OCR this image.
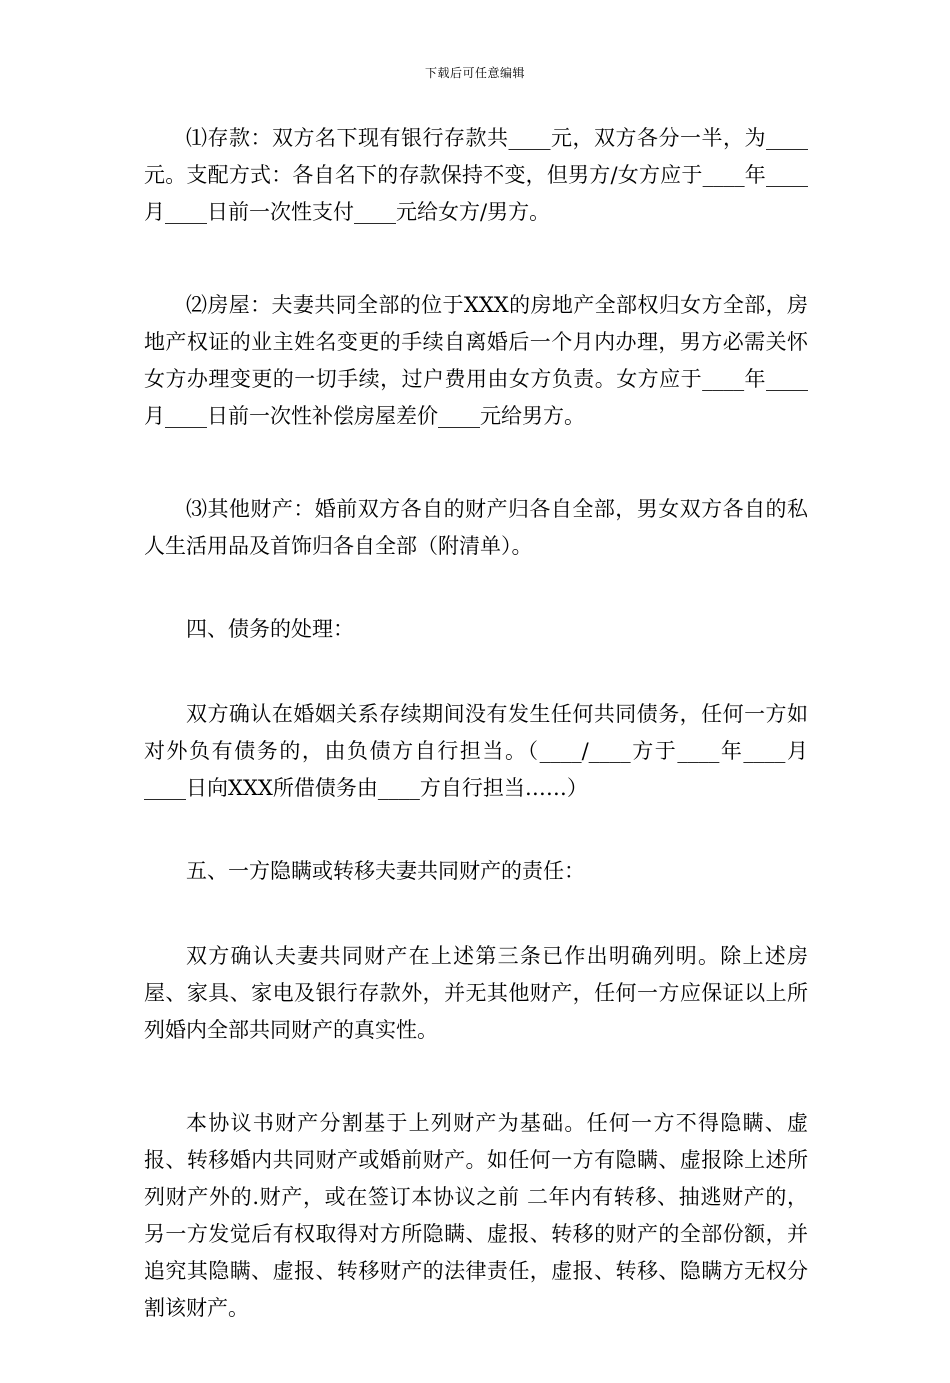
下载后可任意编辑

⑴存款：双方名下现有银行存款共____元，双方各分一半，为____元。支配方式：各自名下的存款保持不变，但男方/女方应于____年____月____日前一次性支付____元给女方/男方。

⑵房屋：夫妻共同全部的位于XXX的房地产全部权归女方全部，房地产权证的业主姓名变更的手续自离婚后一个月内办理，男方必需关怀女方办理变更的一切手续，过户费用由女方负责。女方应于____年____月____日前一次性补偿房屋差价____元给男方。

⑶其他财产：婚前双方各自的财产归各自全部，男女双方各自的私人生活用品及首饰归各自全部（附清单）。

四、债务的处理：

双方确认在婚姻关系存续期间没有发生任何共同债务，任何一方如对外负有债务的，由负债方自行担当。（____/____方于____年____月____日向XXX所借债务由____方自行担当……）

五、一方隐瞒或转移夫妻共同财产的责任：

双方确认夫妻共同财产在上述第三条已作出明确列明。除上述房屋、家具、家电及银行存款外，并无其他财产，任何一方应保证以上所列婚内全部共同财产的真实性。

本协议书财产分割基于上列财产为基础。任何一方不得隐瞒、虚报、转移婚内共同财产或婚前财产。如任何一方有隐瞒、虚报除上述所列财产外的.财产，或在签订本协议之前 二年内有转移、抽逃财产的，另一方发觉后有权取得对方所隐瞒、虚报、转移的财产的全部份额，并追究其隐瞒、虚报、转移财产的法律责任，虚报、转移、隐瞒方无权分割该财产。
